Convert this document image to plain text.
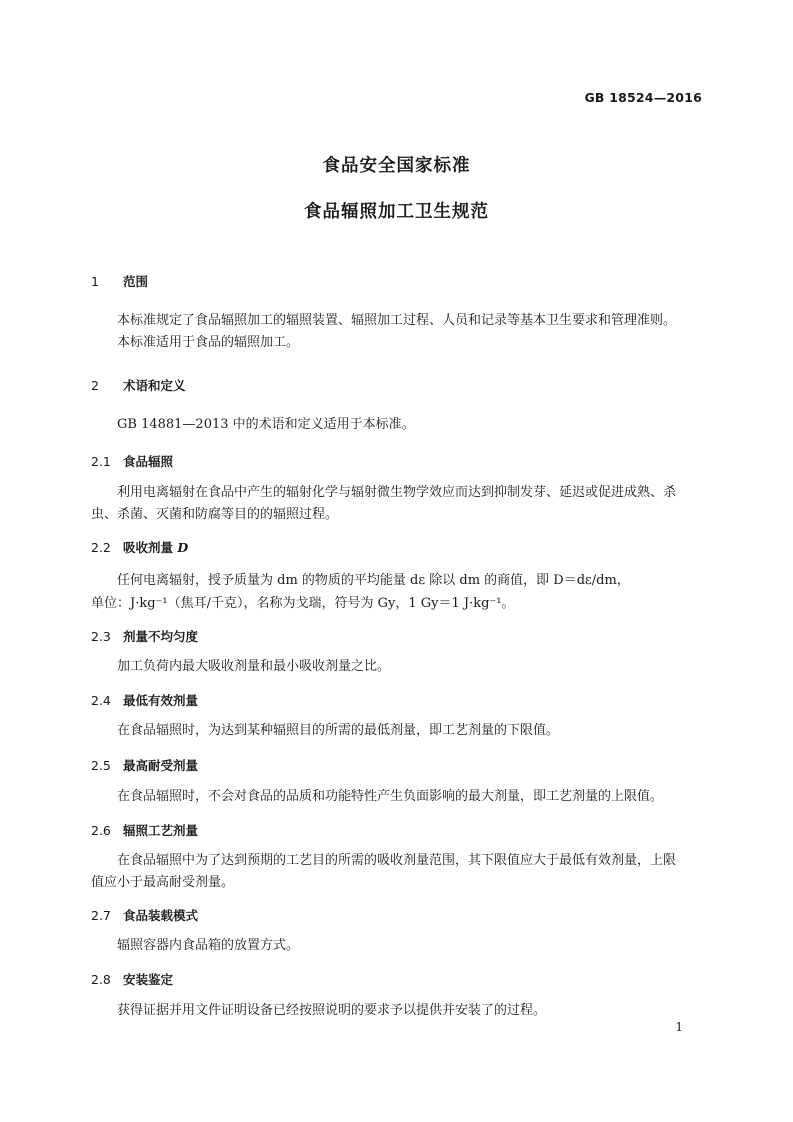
GB 18524—2016
食品安全国家标准
食品辐照加工卫生规范
1 范围
本标准规定了食品辐照加工的辐照装置、辐照加工过程、人员和记录等基本卫生要求和管理准则。
本标准适用于食品的辐照加工。
2 术语和定义
GB 14881—2013 中的术语和定义适用于本标准。
2.1 食品辐照
利用电离辐射在食品中产生的辐射化学与辐射微生物学效应而达到抑制发芽、延迟或促进成熟、杀
虫、杀菌、灭菌和防腐等目的的辐照过程。
2.2 吸收剂量 D
任何电离辐射，授予质量为 dm 的物质的平均能量 dε 除以 dm 的商值，即 D＝dε/dm，
单位：J·kg⁻¹（焦耳/千克），名称为戈瑞，符号为 Gy，1 Gy＝1 J·kg⁻¹。
2.3 剂量不均匀度
加工负荷内最大吸收剂量和最小吸收剂量之比。
2.4 最低有效剂量
在食品辐照时，为达到某种辐照目的所需的最低剂量，即工艺剂量的下限值。
2.5 最高耐受剂量
在食品辐照时，不会对食品的品质和功能特性产生负面影响的最大剂量，即工艺剂量的上限值。
2.6 辐照工艺剂量
在食品辐照中为了达到预期的工艺目的所需的吸收剂量范围，其下限值应大于最低有效剂量，上限
值应小于最高耐受剂量。
2.7 食品装载模式
辐照容器内食品箱的放置方式。
2.8 安装鉴定
获得证据并用文件证明设备已经按照说明的要求予以提供并安装了的过程。
1
